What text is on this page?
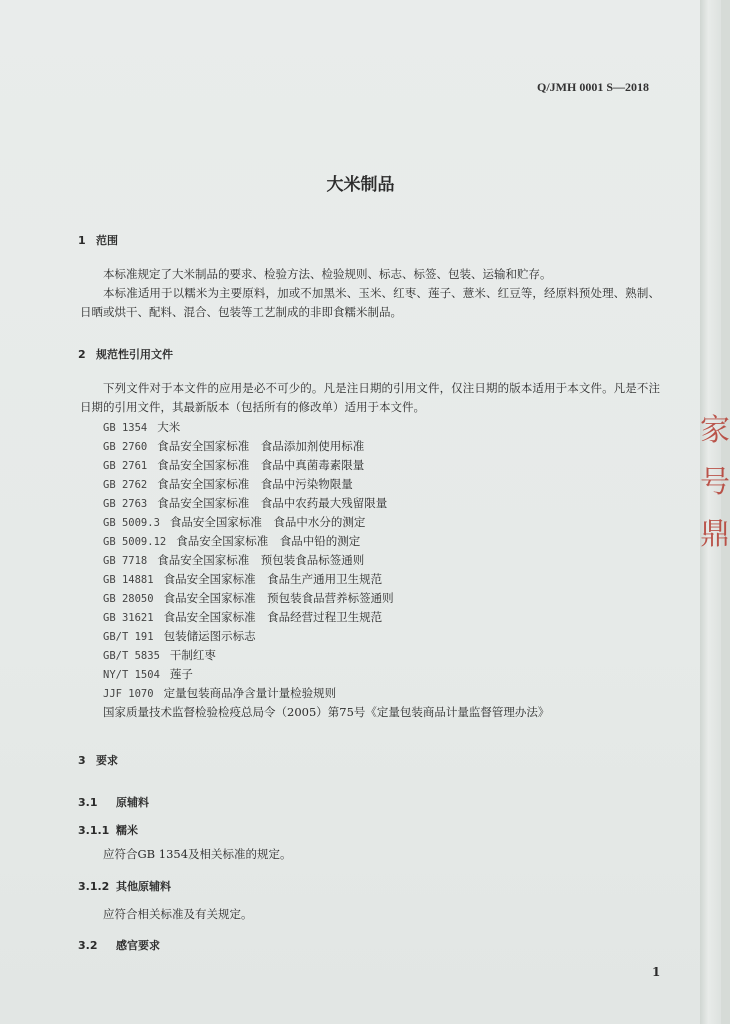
家
号
鼎
Q/JMH 0001 S—2018
大米制品
1 范围
本标准规定了大米制品的要求、检验方法、检验规则、标志、标签、包装、运输和贮存。
本标准适用于以糯米为主要原料，加或不加黑米、玉米、红枣、莲子、薏米、红豆等，经原料预处理、熟制、日晒或烘干、配料、混合、包装等工艺制成的非即食糯米制品。
2 规范性引用文件
下列文件对于本文件的应用是必不可少的。凡是注日期的引用文件，仅注日期的版本适用于本文件。凡是不注日期的引用文件，其最新版本（包括所有的修改单）适用于本文件。
GB 1354 大米
GB 2760 食品安全国家标准　食品添加剂使用标准
GB 2761 食品安全国家标准　食品中真菌毒素限量
GB 2762 食品安全国家标准　食品中污染物限量
GB 2763 食品安全国家标准　食品中农药最大残留限量
GB 5009.3 食品安全国家标准　食品中水分的测定
GB 5009.12 食品安全国家标准　食品中铅的测定
GB 7718 食品安全国家标准　预包装食品标签通则
GB 14881 食品安全国家标准　食品生产通用卫生规范
GB 28050 食品安全国家标准　预包装食品营养标签通则
GB 31621 食品安全国家标准　食品经营过程卫生规范
GB/T 191 包装储运图示标志
GB/T 5835 干制红枣
NY/T 1504 莲子
JJF 1070 定量包装商品净含量计量检验规则
国家质量技术监督检验检疫总局令（2005）第75号《定量包装商品计量监督管理办法》
3 要求
3.1 原辅料
3.1.1 糯米
应符合GB 1354及相关标准的规定。
3.1.2 其他原辅料
应符合相关标准及有关规定。
3.2 感官要求
1
